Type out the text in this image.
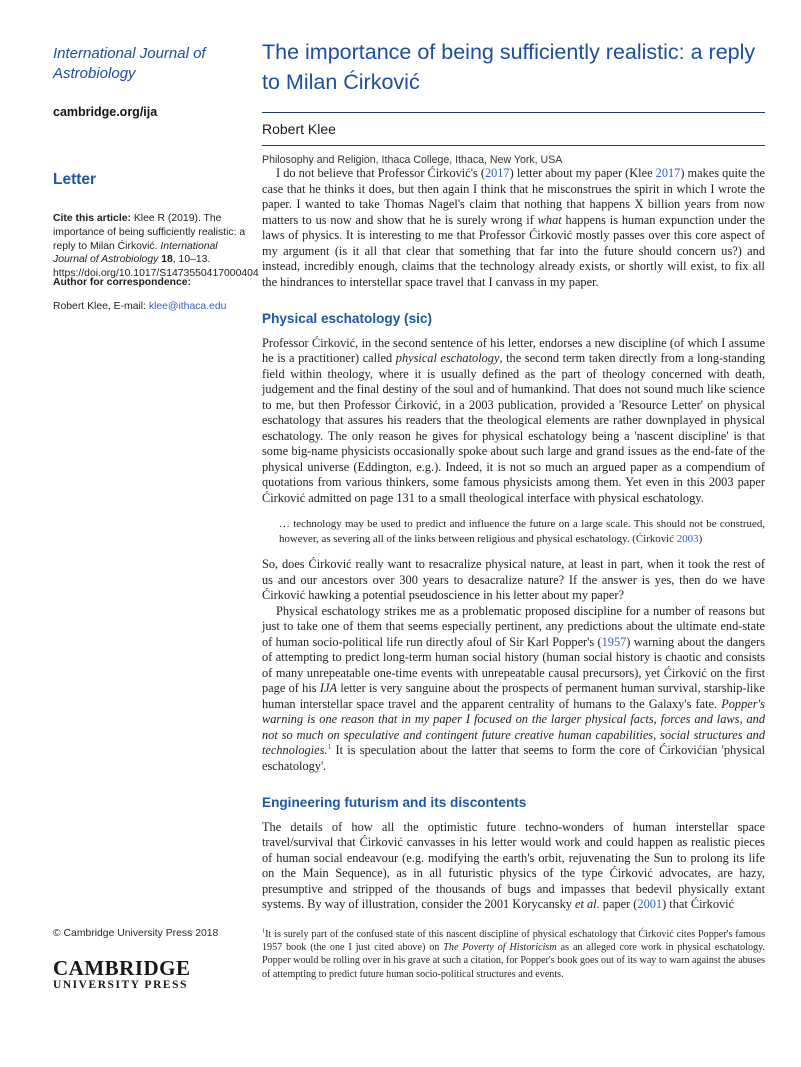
International Journal of Astrobiology
cambridge.org/ija
Letter

Cite this article: Klee R (2019). The importance of being sufficiently realistic: a reply to Milan Ćirković. International Journal of Astrobiology 18, 10–13. https://doi.org/10.1017/S1473550417000404

Author for correspondence:

Robert Klee, E-mail: klee@ithaca.edu

© Cambridge University Press 2018
CAMBRIDGE
UNIVERSITY PRESS
The importance of being sufficiently realistic: a reply to Milan Ćirković
Robert Klee
Philosophy and Religion, Ithaca College, Ithaca, New York, USA

I do not believe that Professor Ćirković's (2017) letter about my paper (Klee 2017) makes quite the case that he thinks it does, but then again I think that he misconstrues the spirit in which I wrote the paper. I wanted to take Thomas Nagel's claim that nothing that happens X billion years from now matters to us now and show that he is surely wrong if what happens is human expunction under the laws of physics. It is interesting to me that Professor Ćirković mostly passes over this core aspect of my argument (is it all that clear that something that far into the future should concern us?) and instead, incredibly enough, claims that the technology already exists, or shortly will exist, to fix all the hindrances to interstellar space travel that I canvass in my paper.

Physical eschatology (sic)

Professor Ćirković, in the second sentence of his letter, endorses a new discipline (of which I assume he is a practitioner) called physical eschatology, the second term taken directly from a long-standing field within theology, where it is usually defined as the part of theology concerned with death, judgement and the final destiny of the soul and of humankind. That does not sound much like science to me, but then Professor Ćirković, in a 2003 publication, provided a 'Resource Letter' on physical eschatology that assures his readers that the theological elements are rather downplayed in physical eschatology. The only reason he gives for physical eschatology being a 'nascent discipline' is that some big-name physicists occasionally spoke about such large and grand issues as the end-fate of the physical universe (Eddington, e.g.). Indeed, it is not so much an argued paper as a compendium of quotations from various thinkers, some famous physicists among them. Yet even in this 2003 paper Ćirković admitted on page 131 to a small theological interface with physical eschatology.

… technology may be used to predict and influence the future on a large scale. This should not be construed, however, as severing all of the links between religious and physical eschatology. (Ćirković 2003)

So, does Ćirković really want to resacralize physical nature, at least in part, when it took the rest of us and our ancestors over 300 years to desacralize nature? If the answer is yes, then do we have Ćirković hawking a potential pseudoscience in his letter about my paper?

Physical eschatology strikes me as a problematic proposed discipline for a number of reasons but just to take one of them that seems especially pertinent, any predictions about the ultimate end-state of human socio-political life run directly afoul of Sir Karl Popper's (1957) warning about the dangers of attempting to predict long-term human social history (human social history is chaotic and consists of many unrepeatable one-time events with unrepeatable causal precursors), yet Ćirković on the first page of his IJA letter is very sanguine about the prospects of permanent human survival, starship-like human interstellar space travel and the apparent centrality of humans to the Galaxy's fate. Popper's warning is one reason that in my paper I focused on the larger physical facts, forces and laws, and not so much on speculative and contingent future creative human capabilities, social structures and technologies.$^1$ It is speculation about the latter that seems to form the core of Ćirkovićian 'physical eschatology'.

Engineering futurism and its discontents

The details of how all the optimistic future techno-wonders of human interstellar space travel/survival that Ćirković canvasses in his letter would work and could happen as realistic pieces of human social endeavour (e.g. modifying the earth's orbit, rejuvenating the Sun to prolong its life on the Main Sequence), as in all futuristic physics of the type Ćirković advocates, are hazy, presumptive and stripped of the thousands of bugs and impasses that bedevil physically extant systems. By way of illustration, consider the 2001 Korycansky et al. paper (2001) that Ćirković

$^1$It is surely part of the confused state of this nascent discipline of physical eschatology that Ćirković cites Popper's famous 1957 book (the one I just cited above) on The Poverty of Historicism as an alleged core work in physical eschatology. Popper would be rolling over in his grave at such a citation, for Popper's book goes out of its way to warn against the abuses of attempting to predict future human socio-political structures and events.
